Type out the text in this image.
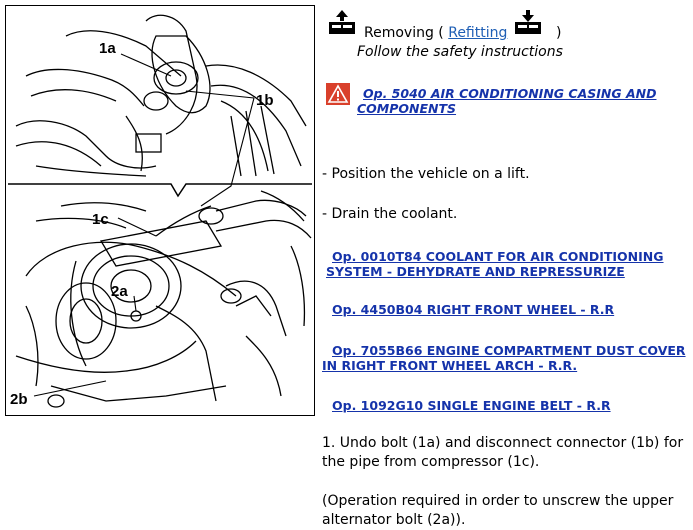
1a
1b
1c
2a
2b
Removing ( Refitting	)
Follow the safety instructions
Op. 5040 AIR CONDITIONING CASING AND COMPONENTS
- Position the vehicle on a lift.
- Drain the coolant.
Op. 0010T84 COOLANT FOR AIR CONDITIONING SYSTEM - DEHYDRATE AND REPRESSURIZE
Op. 4450B04 RIGHT FRONT WHEEL - R.R
Op. 7055B66 ENGINE COMPARTMENT DUST COVER IN RIGHT FRONT WHEEL ARCH - R.R.
Op. 1092G10 SINGLE ENGINE BELT - R.R
1. Undo bolt (1a) and disconnect connector (1b) for the pipe from compressor (1c).
(Operation required in order to unscrew the upper alternator bolt (2a)).
